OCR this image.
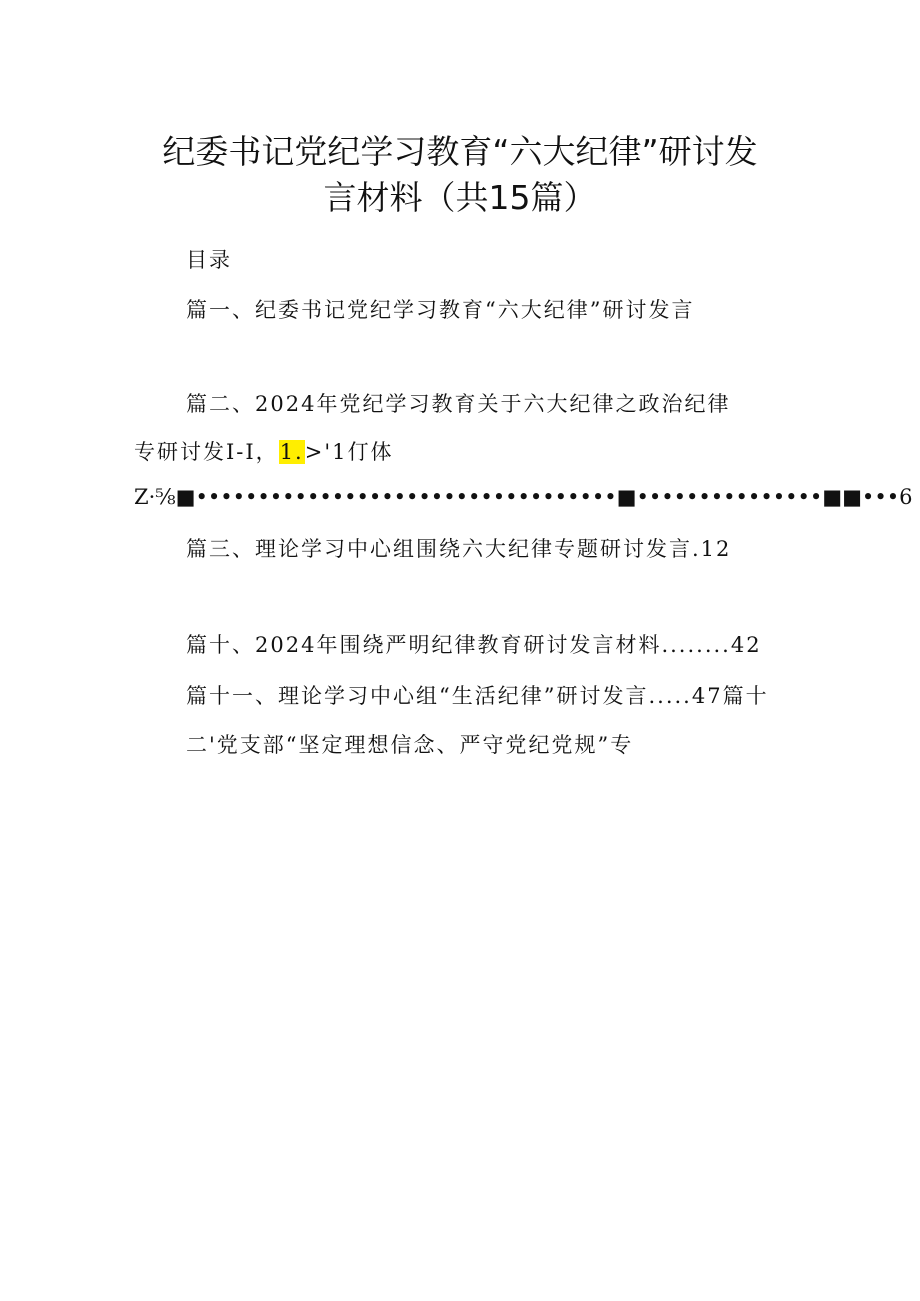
纪委书记党纪学习教育“六大纪律”研讨发
言材料（共15篇）
目录
篇一、纪委书记党纪学习教育“六大纪律”研讨发言
篇二、2024年党纪学习教育关于六大纪律之政治纪律
专研讨发I-I，1.>'1仃体
Z·⅝■••••••••••••••••••••••••••••••••••■•••••••••••••••■■•••6
篇三、理论学习中心组围绕六大纪律专题研讨发言.12
篇十、2024年围绕严明纪律教育研讨发言材料........42
篇十一、理论学习中心组“生活纪律”研讨发言.....47篇十
二'党支部“坚定理想信念、严守党纪党规”专
